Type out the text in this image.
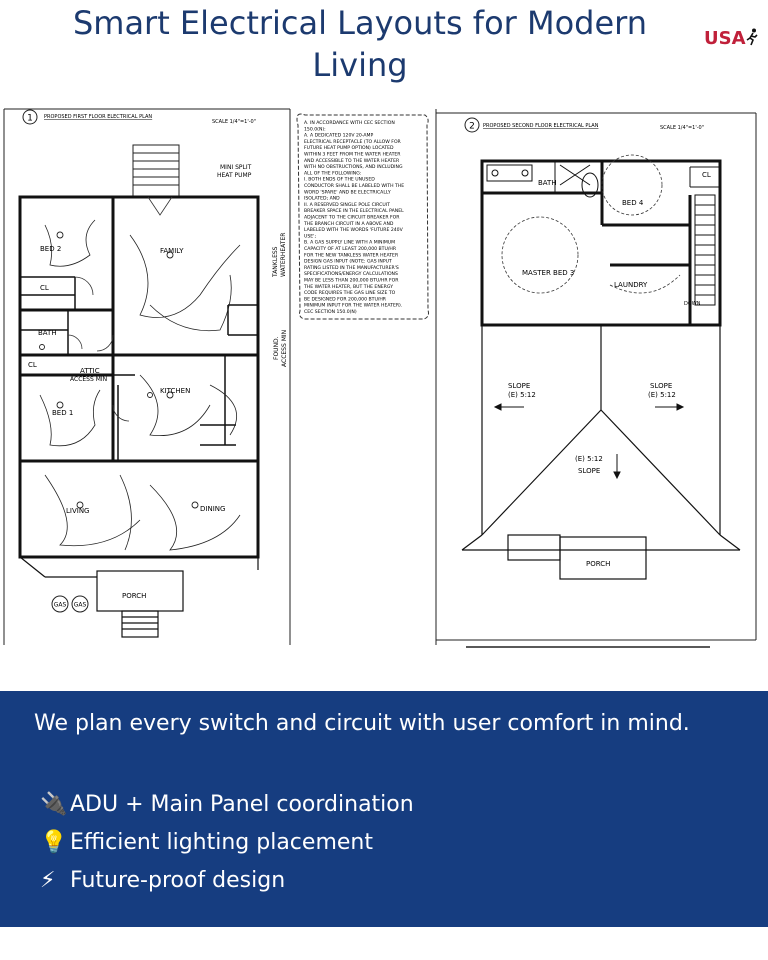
Smart Electrical Layouts for Modern
Living
USA
1 PROPOSED FIRST FLOOR ELECTRICAL PLAN
SCALE 1/4"=1'-0"
MINI SPLIT
HEAT PUMP
GAS GAS
BED 2	FAMILY
CL
BATH
CL
ATTIC
ACCESS MIN
KITCHEN
BED 1
LIVING	DINING
PORCH
TANKLESS WATERHEATER
FOUND. ACCESS MIN
A. IN ACCORDANCE WITH CEC SECTION
150.0(N):
A. A DEDICATED 120V 20-AMP
ELECTRICAL RECEPTACLE (TO ALLOW FOR
FUTURE HEAT PUMP OPTION) LOCATED
WITHIN 3 FEET FROM THE WATER HEATER
AND ACCESSIBLE TO THE WATER HEATER
WITH NO OBSTRUCTIONS, AND INCLUDING
ALL OF THE FOLLOWING:
I. BOTH ENDS OF THE UNUSED
CONDUCTOR SHALL BE LABELED WITH THE
WORD 'SPARE' AND BE ELECTRICALLY
ISOLATED; AND
II. A RESERVED SINGLE POLE CIRCUIT
BREAKER SPACE IN THE ELECTRICAL PANEL
ADJACENT TO THE CIRCUIT BREAKER FOR
THE BRANCH CIRCUIT IN A ABOVE AND
LABELED WITH THE WORDS 'FUTURE 240V
USE';
B. A GAS SUPPLY LINE WITH A MINIMUM
CAPACITY OF AT LEAST 200,000 BTU/HR
FOR THE NEW TANKLESS WATER HEATER
DESIGN GAS INPUT (NOTE: GAS INPUT
RATING LISTED IN THE MANUFACTURER'S
SPECIFICATIONS/ENERGY CALCULATIONS
MAY BE LESS THAN 200,000 BTU/HR FOR
THE WATER HEATER, BUT THE ENERGY
CODE REQUIRES THE GAS LINE SIZE TO
BE DESIGNED FOR 200,000 BTU/HR
MINIMUM INPUT FOR THE WATER HEATER).
CEC SECTION 150.0(N)
2 PROPOSED SECOND FLOOR ELECTRICAL PLAN	SCALE 1/4"=1'-0"
BATH
CL
BED 4
MASTER BED 3
LAUNDRY
DOWN
PORCH
SLOPE
(E) 5:12
SLOPE
(E) 5:12
(E) 5:12
SLOPE
We plan every switch and circuit with user comfort in mind.
🔌 ADU + Main Panel coordination
💡 Efficient lighting placement
⚡ Future-proof design
